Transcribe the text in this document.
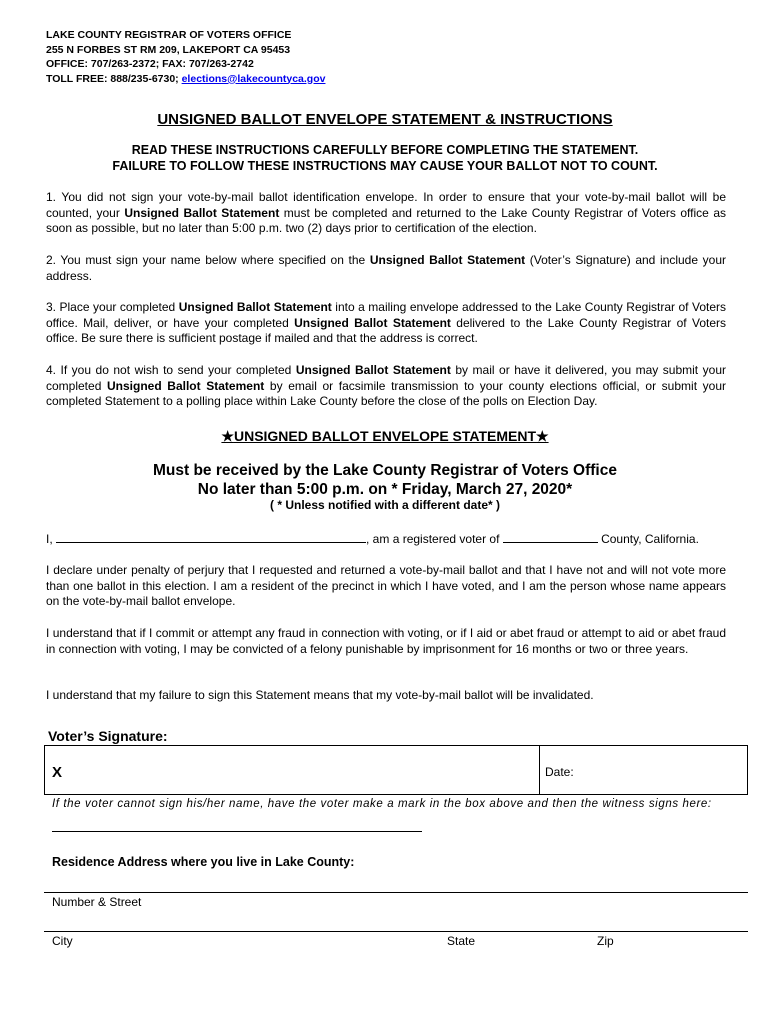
LAKE COUNTY REGISTRAR OF VOTERS OFFICE
255 N FORBES ST RM 209, LAKEPORT CA 95453
OFFICE: 707/263-2372; FAX: 707/263-2742
TOLL FREE: 888/235-6730; elections@lakecountyca.gov
UNSIGNED BALLOT ENVELOPE STATEMENT & INSTRUCTIONS
READ THESE INSTRUCTIONS CAREFULLY BEFORE COMPLETING THE STATEMENT.
FAILURE TO FOLLOW THESE INSTRUCTIONS MAY CAUSE YOUR BALLOT NOT TO COUNT.
1. You did not sign your vote-by-mail ballot identification envelope. In order to ensure that your vote-by-mail ballot will be counted, your Unsigned Ballot Statement must be completed and returned to the Lake County Registrar of Voters office as soon as possible, but no later than 5:00 p.m. two (2) days prior to certification of the election.
2. You must sign your name below where specified on the Unsigned Ballot Statement (Voter’s Signature) and include your address.
3. Place your completed Unsigned Ballot Statement into a mailing envelope addressed to the Lake County Registrar of Voters office. Mail, deliver, or have your completed Unsigned Ballot Statement delivered to the Lake County Registrar of Voters office. Be sure there is sufficient postage if mailed and that the address is correct.
4. If you do not wish to send your completed Unsigned Ballot Statement by mail or have it delivered, you may submit your completed Unsigned Ballot Statement by email or facsimile transmission to your county elections official, or submit your completed Statement to a polling place within Lake County before the close of the polls on Election Day.
★UNSIGNED BALLOT ENVELOPE STATEMENT★
Must be received by the Lake County Registrar of Voters Office
No later than 5:00 p.m. on * Friday, March 27, 2020*
( * Unless notified with a different date* )
I,	, am a registered voter of	County, California.
I declare under penalty of perjury that I requested and returned a vote-by-mail ballot and that I have not and will not vote more than one ballot in this election. I am a resident of the precinct in which I have voted, and I am the person whose name appears on the vote-by-mail ballot envelope.
I understand that if I commit or attempt any fraud in connection with voting, or if I aid or abet fraud or attempt to aid or abet fraud in connection with voting, I may be convicted of a felony punishable by imprisonment for 16 months or two or three years.
I understand that my failure to sign this Statement means that my vote-by-mail ballot will be invalidated.
Voter’s Signature:
X	Date:
If the voter cannot sign his/her name, have the voter make a mark in the box above and then the witness signs here:
Residence Address where you live in Lake County:
Number & Street
City	State	Zip
